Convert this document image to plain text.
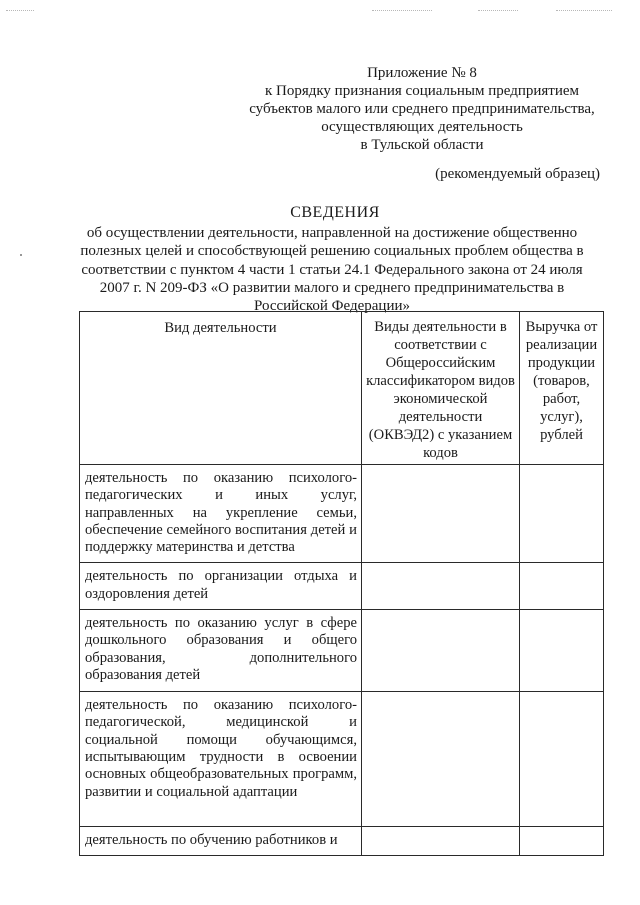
Приложение № 8
к Порядку признания социальным предприятием
субъектов малого или среднего предпринимательства,
осуществляющих деятельность
в Тульской области
(рекомендуемый образец)
СВЕДЕНИЯ
об осуществлении деятельности, направленной на достижение общественно
полезных целей и способствующей решению социальных проблем общества в
соответствии с пунктом 4 части 1 статьи 24.1 Федерального закона от 24 июля
2007 г. N 209-ФЗ «О развитии малого и среднего предпринимательства в
Российской Федерации»
Вид деятельности	Виды деятельности в соответствии с Общероссийским классификатором видов экономической деятельности (ОКВЭД2) с указанием кодов	Выручка от реализации продукции (товаров, работ, услуг), рублей
деятельность по оказанию психолого-педагогических и иных услуг, направленных на укрепление семьи, обеспечение семейного воспитания детей и поддержку материнства и детства		
деятельность по организации отдыха и оздоровления детей		
деятельность по оказанию услуг в сфере дошкольного образования и общего образования, дополнительного образования детей		
деятельность по оказанию психолого-педагогической, медицинской и социальной помощи обучающимся, испытывающим трудности в освоении основных общеобразовательных программ, развитии и социальной адаптации		
деятельность по обучению работников и		
